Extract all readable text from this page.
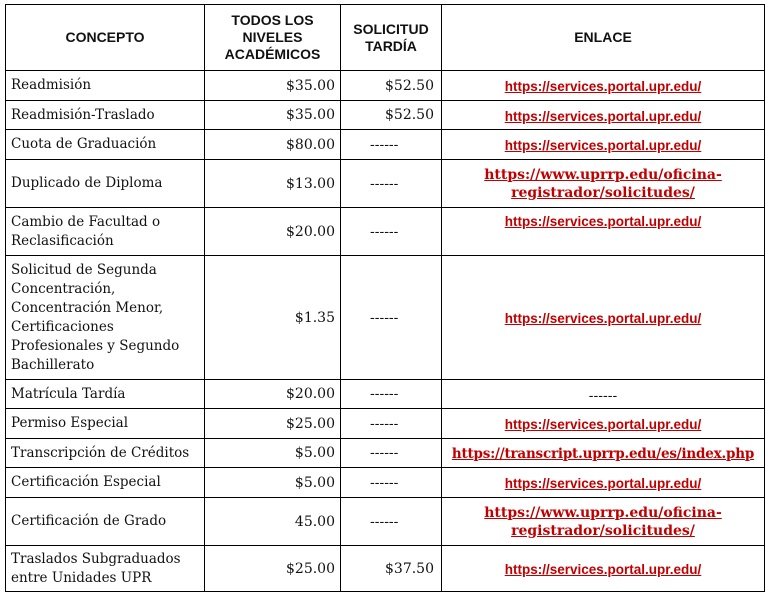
CONCEPTO	TODOS LOS NIVELES ACADÉMICOS	SOLICITUD TARDÍA	ENLACE
Readmisión	$35.00	$52.50	https://services.portal.upr.edu/
Readmisión-Traslado	$35.00	$52.50	https://services.portal.upr.edu/
Cuota de Graduación	$80.00	------	https://services.portal.upr.edu/
Duplicado de Diploma	$13.00	------	https://www.uprrp.edu/oficina-registrador/solicitudes/
Cambio de Facultad o Reclasificación	$20.00	------	https://services.portal.upr.edu/
Solicitud de Segunda Concentración, Concentración Menor, Certificaciones Profesionales y Segundo Bachillerato	$1.35	------	https://services.portal.upr.edu/
Matrícula Tardía	$20.00	------	------
Permiso Especial	$25.00	------	https://services.portal.upr.edu/
Transcripción de Créditos	$5.00	------	https://transcript.uprrp.edu/es/index.php
Certificación Especial	$5.00	------	https://services.portal.upr.edu/
Certificación de Grado	45.00	------	https://www.uprrp.edu/oficina-registrador/solicitudes/
Traslados Subgraduados entre Unidades UPR	$25.00	$37.50	https://services.portal.upr.edu/
